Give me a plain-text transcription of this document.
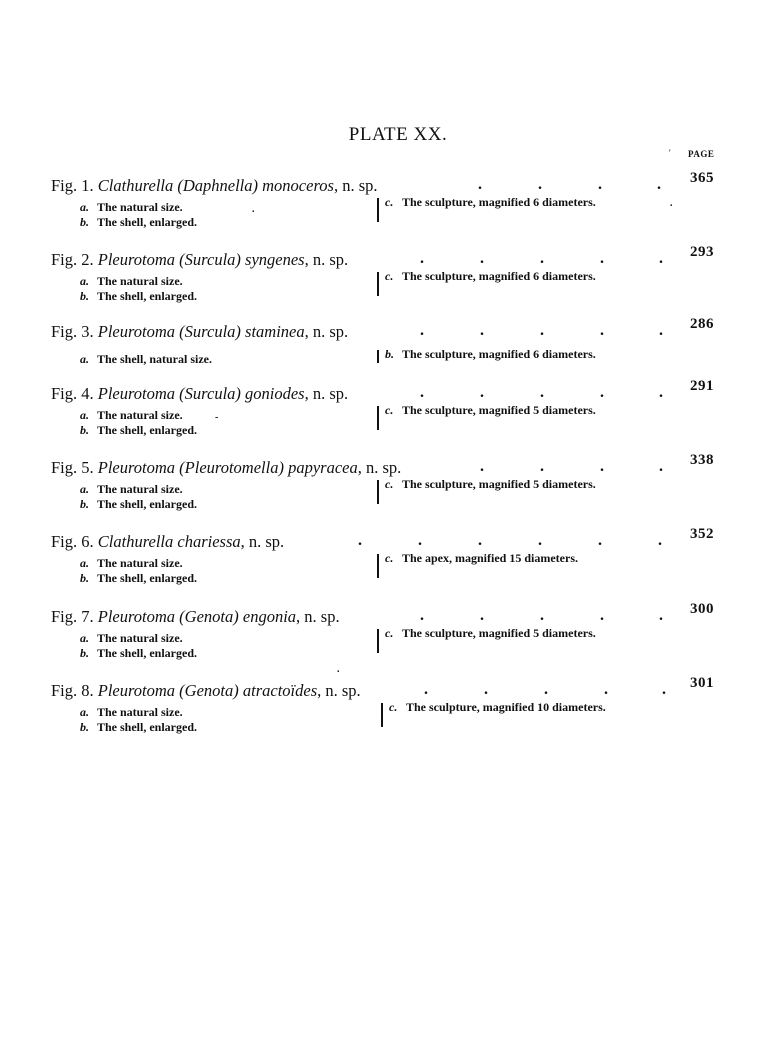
PLATE XX.
' PAGE
Fig. 1. Clathurella (Daphnella) monoceros, n. sp.	.	.	.	. 365
a. The natural size.
b. The shell, enlarged.
c. The sculpture, magnified 6 diameters.
Fig. 2. Pleurotoma (Surcula) syngenes, n. sp.	.	.	.	.	. 293
a. The natural size.
b. The shell, enlarged.
c. The sculpture, magnified 6 diameters.
Fig. 3. Pleurotoma (Surcula) staminea, n. sp.	.	.	.	.	. 286
a. The shell, natural size.	b. The sculpture, magnified 6 diameters.
Fig. 4. Pleurotoma (Surcula) goniodes, n. sp.	.	.	.	.	. 291
a. The natural size.
b. The shell, enlarged.
c. The sculpture, magnified 5 diameters.
Fig. 5. Pleurotoma (Pleurotomella) papyracea, n. sp.	.	.	.	. 338
a. The natural size.
b. The shell, enlarged.
c. The sculpture, magnified 5 diameters.
Fig. 6. Clathurella chariessa, n. sp.	.	.	.	.	.	. 352
a. The natural size.
b. The shell, enlarged.
c. The apex, magnified 15 diameters.
Fig. 7. Pleurotoma (Genota) engonia, n. sp.	.	.	.	.	. 300
a. The natural size.
b. The shell, enlarged.
c. The sculpture, magnified 5 diameters.
Fig. 8. Pleurotoma (Genota) atractoïdes, n. sp.	.	.	.	.	. 301
a. The natural size.
b. The shell, enlarged.
c. The sculpture, magnified 10 diameters.
.
-
.
.
